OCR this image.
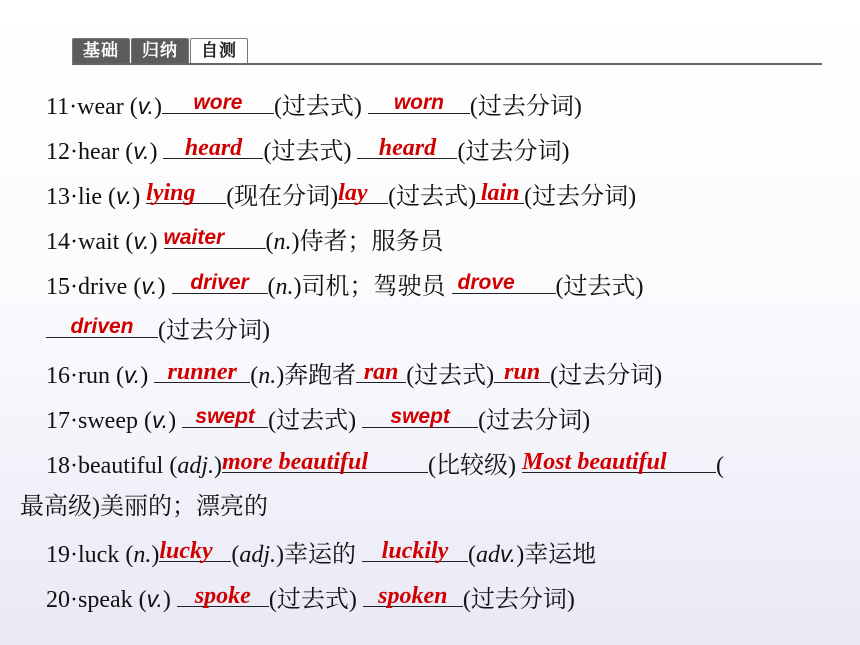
基础	归纳	自测
11·wear (v.)	wore	(过去式)	worn	(过去分词)
12·hear (v.) heard (过去式)	heard (过去分词)
13·lie (v.) lying	(现在分词) lay (过去式) lain (过去分词)
14·wait (v.) waiter	(n.)侍者；服务员
15·drive (v.) driver (n.)司机；驾驶员 drove	(过去式)
driven	(过去分词)
16·run (v.) runner (n.)奔跑者 ran (过去式) run (过去分词)
17·sweep (v.) swept (过去式)	swept	(过去分词)
18·beautiful (adj.) more beautiful	(比较级) Most beautiful	(
最高级)美丽的；漂亮的
19·luck (n.) lucky (adj.)幸运的	luckily (adv.)幸运地
20·speak (v.) spoke (过去式) spoken (过去分词)
